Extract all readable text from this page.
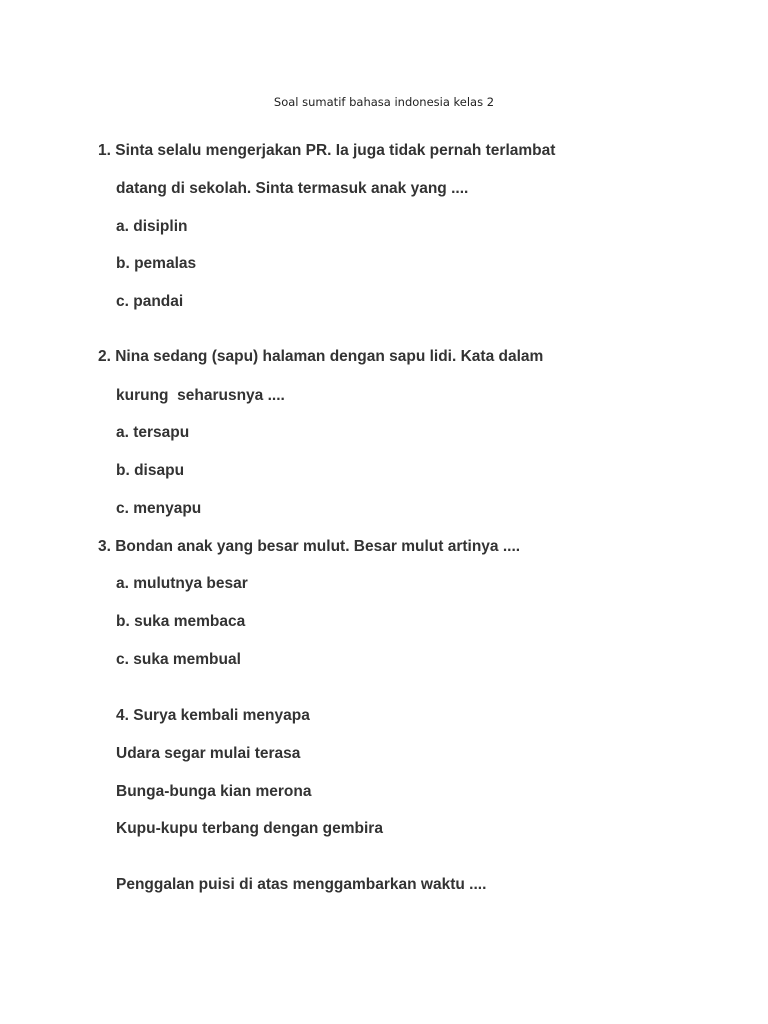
Soal sumatif bahasa indonesia kelas 2
1. Sinta selalu mengerjakan PR. Ia juga tidak pernah terlambat
datang di sekolah. Sinta termasuk anak yang ....
a. disiplin
b. pemalas
c. pandai
2. Nina sedang (sapu) halaman dengan sapu lidi. Kata dalam
kurung  seharusnya ....
a. tersapu
b. disapu
c. menyapu
3. Bondan anak yang besar mulut. Besar mulut artinya ....
a. mulutnya besar
b. suka membaca
c. suka membual
4. Surya kembali menyapa
Udara segar mulai terasa
Bunga-bunga kian merona
Kupu-kupu terbang dengan gembira
Penggalan puisi di atas menggambarkan waktu ....
